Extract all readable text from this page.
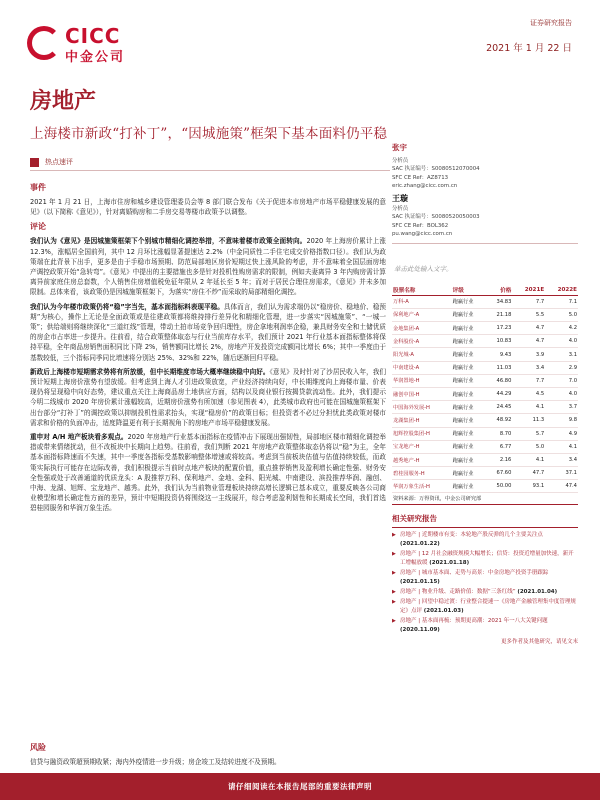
CICC
中金公司
证券研究报告
2021 年 1 月 22 日
房地产
上海楼市新政“打补丁”，“因城施策”框架下基本面料仍平稳
热点速评
事件

2021 年 1 月 21 日，上海市住房和城乡建设管理委员会等 8 部门联合发布《关于促进本市房地产市场平稳健康发展的意见》（以下简称《意见》），针对离婚购房和二手房交易等楼市政策予以调整。

评论

我们认为《意见》是因城施策框架下个别城市精细化调控举措，不意味着楼市政策全面转向。2020 年上海房价累计上涨 12.3%，涨幅居全国前列，其中 12 月环比涨幅显著提速达 2.2%（中金同质性二手住宅成交价格指数口径）。我们认为政策端在此背景下出手，更多是由于手稳市场预期、防范局部地区房价短期过快上涨风险的考虑，并不意味着全国层面房地产调控政策开始“急转弯”。《意见》中提出的主要措施也多是针对投机性购房需求的限制，例如夫妻离异 3 年内购房需计算离异前家庭住房总套数，个人销售住房增值税免征年限从 2 年延长至 5 年；而对于居民合理住房需求，《意见》并未多加限制。总体来看，该政策仍是因城施策框架下，为落实“房住不炒”而采取的局部精细化调控。

我们认为今年楼市政策仍将“稳”字当先，基本面指标料表现平稳。具体而言，我们认为需求端仍以“稳房价、稳地价、稳预期”为核心，操作上无论是全面政策或是往建政策都将维持排行差异化和精细化管理，进一步落实“因城施策”、“一城一策”；供给端则将继续深化“三道红线”管理，带动土拍市场竞争回归理性，房企拿地利润率企稳，兼具财务安全和土储优质的房企市占率进一步提升。往前看，结合政策整体取态与行业当前库存水平，我们预计 2021 年行业基本面指标整体将保持平稳，全年商品房销售面积同比下降 2%，销售额同比增长 2%，房地产开发投资完成额同比增长 6%；其中一季度由于基数较低，三个指标同季同比增速将分别达 25%、32%和 22%，随后逐渐回归平稳。

新政后上海楼市短期需求势将有所放缓，但中长期维度市场大概率继续稳中向好。《意见》及时针对了沙居民收入年，我们预计短期上海房价涨势有望放缓。但考虑到上海人才引进政策放宽，产业经济持续向好，中长期维度向上海楼市量、价表现仍将呈现稳中向好态势，建议重点关注上海商品房土地供应方面，结构以及商业银行按揭贷款流动性。此外，我们提示今明二线城市 2020 年房价累计涨幅较高，近期房价涨势有所加速（参见图表 4），此类城市政府也可能在国城施策框架下出台部分“打补丁”的调控政策以抑制投机性需求抬头，实现“稳房价”的政策目标；但投资者不必过分担忧此类政策对楼市需求和价格的负面冲击，适度降温更有利于长期视角下的房地产市场平稳健康发展。

重申对 A/H 地产板块看多观点。2020 年房地产行业基本面指标在疫情冲击下展现出强韧性，局部地区楼市精细化调控举措或带来情绪扰动，但不改板块中长期向上趋势。往前看，我们判断 2021 年房地产政策整体取态仍将以“稳”为主，全年基本面指标降速而不失速，其中一季度各指标受基数影响整体增速或将较高。考虑到当前板块估值与估值持续较低，而政策实际执行可能存在边际改善，我们积极提示当前时点地产板块的配置价值，重点推荐销售及盈利增长确定性强、财务安全性强或处于改善通道的优质龙头：A 股推荐万科、保利地产、金地、金科、阳光城、中南建设、滨投推荐华润、融创、中海、龙湖、旭辉、宝龙地产、越秀。此外，我们认为当前物业管理板块持续高增长逻辑已基本成立，重要反映各公司商业模型和增长确定性方面的差异，预计中短期投资仍将围绕这一主线展开，综合考虑盈利韧性和长期成长空间，我们首选碧桂园服务和华润万象生活。

风险

信贷与融资政策超预期收紧；海内外疫情进一步升级；房企竣工及结转进度不及预期。

张宇
分析员
SAC 执证编号：S0080512070004
SFC CE Ref：AZ8713
eric.zhang@cicc.com.cn
王璇
分析员
SAC 执证编号：S0080520050003
SFC CE Ref：BOL362
pu.wang@cicc.com.cn
单击此处输入文字。
股票名称	评级	价格	2021E	2022E
万科-A	跑赢行业	34.83	7.7	7.1
保利地产-A	跑赢行业	21.18	5.5	5.0
金地集团-A	跑赢行业	17.23	4.7	4.2
金科股份-A	跑赢行业	10.83	4.7	4.0
阳光城-A	跑赢行业	9.43	3.9	3.1
中南建设-A	跑赢行业	11.03	3.4	2.9
华润置地-H	跑赢行业	46.80	7.7	7.0
融创中国-H	跑赢行业	44.29	4.5	4.0
中国海外发展-H	跑赢行业	24.45	4.1	3.7
龙湖集团-H	跑赢行业	48.92	11.3	9.8
旭辉控股集团-H	跑赢行业	8.70	5.7	4.9
宝龙地产-H	跑赢行业	6.77	5.0	4.1
越秀地产-H	跑赢行业	2.16	4.1	3.4
碧桂园服务-H	跑赢行业	67.60	47.7	37.1
华润万象生活-H	跑赢行业	50.00	93.1	47.4
资料来源：万得资讯，中金公司研究部				
相关研究报告
▶ 房地产 | 近期楼市有变：本轮地产股反弹的几个主要关注点 (2021.01.22)
▶ 房地产 | 12 月社会融资规模大幅增长；信贷：投资近增量加快速，新开工增幅放缓 (2021.01.18)
▶ 房地产 | 城市基本面、走势与高景：中金房地产投资手册跟踪 (2021.01.15)
▶ 房地产 | 物业升级、走路价值：数据“三条红线” (2021.01.04)
▶ 房地产 | 回望中稳过渡：行业整合提速一《房地产金融管理集中度管理规定》点评 (2021.01.03)
▶ 房地产 | 基本面再梳：预期更高潮：2021 年一八大关键问题 (2020.11.09)
更多作者及其他研究，请见文末
请仔细阅读在本报告尾部的重要法律声明
